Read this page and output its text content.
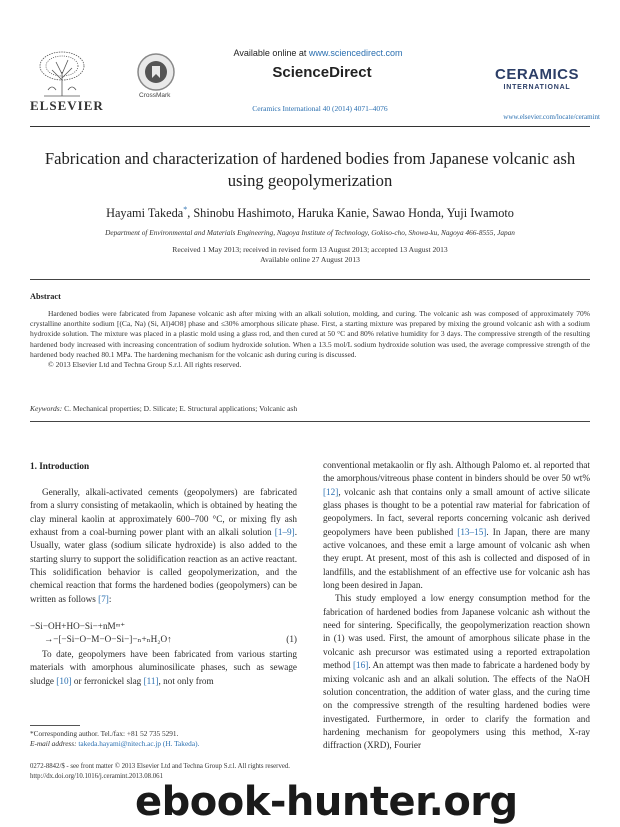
ELSEVIER
CrossMark
Available online at www.sciencedirect.com
ScienceDirect
Ceramics International 40 (2014) 4071–4076
CERAMICS
INTERNATIONAL
www.elsevier.com/locate/ceramint
Fabrication and characterization of hardened bodies from Japanese volcanic ash using geopolymerization
Hayami Takeda*, Shinobu Hashimoto, Haruka Kanie, Sawao Honda, Yuji Iwamoto
Department of Environmental and Materials Engineering, Nagoya Institute of Technology, Gokiso-cho, Showa-ku, Nagoya 466-8555, Japan
Received 1 May 2013; received in revised form 13 August 2013; accepted 13 August 2013
Available online 27 August 2013
Abstract
Hardened bodies were fabricated from Japanese volcanic ash after mixing with an alkali solution, molding, and curing. The volcanic ash was composed of approximately 70% crystalline anorthite sodium [(Ca, Na) (Si, Al)4O8] phase and ≤30% amorphous silicate phase. First, a starting mixture was prepared by mixing the ground volcanic ash with a sodium hydroxide solution. The mixture was placed in a plastic mold using a glass rod, and then cured at 50 °C and 80% relative humidity for 3 days. The compressive strength of the resulting hardened body increased with increasing concentration of sodium hydroxide solution. When a 13.5 mol/L sodium hydroxide solution was used, the average compressive strength of the hardened body reached 80.1 MPa. The hardening mechanism for the volcanic ash during curing is discussed.
© 2013 Elsevier Ltd and Techna Group S.r.l. All rights reserved.
Keywords: C. Mechanical properties; D. Silicate; E. Structural applications; Volcanic ash
1. Introduction

Generally, alkali-activated cements (geopolymers) are fabricated from a slurry consisting of metakaolin, which is obtained by heating the clay mineral kaolin at approximately 600–700 °C, or mixing fly ash exhaust from a coal-burning power plant with an alkali solution [1–9]. Usually, water glass (sodium silicate hydroxide) is also added to the starting slurry to support the solidification reaction as an active reactant. This solidification behavior is called geopolymerization, and the chemical reaction that forms the hardened bodies (geopolymers) can be written as follows [7]:

−Si−OH+HO−Si−+nMᵐ⁺
→−[−Si−O−M−O−Si−]−ₙ+ₙH₂O↑	(1)

To date, geopolymers have been fabricated from various starting materials with amorphous aluminosilicate phases, such as sewage sludge [10] or ferronickel slag [11], not only from

*Corresponding author. Tel./fax: +81 52 735 5291.
E-mail address: takeda.hayami@nitech.ac.jp (H. Takeda).

conventional metakaolin or fly ash. Although Palomo et. al reported that the amorphous/vitreous phase content in binders should be over 50 wt% [12], volcanic ash that contains only a small amount of active silicate glass phases is thought to be a potential raw material for fabrication of geopolymers. In fact, several reports concerning volcanic ash derived geopolymers have been published [13–15]. In Japan, there are many active volcanoes, and these emit a large amount of volcanic ash when they erupt. At present, most of this ash is collected and disposed of in landfills, and the establishment of an effective use for volcanic ash has long been desired in Japan.

This study employed a low energy consumption method for the fabrication of hardened bodies from Japanese volcanic ash without the need for sintering. Specifically, the geopolymerization reaction shown in (1) was used. First, the amount of amorphous silicate phase in the volcanic ash precursor was estimated using a reported extrapolation method [16]. An attempt was then made to fabricate a hardened body by mixing volcanic ash and an alkali solution. The effects of the NaOH solution concentration, the addition of water glass, and the curing time on the compressive strength of the resulting hardened bodies were investigated. Furthermore, in order to clarify the formation and hardening mechanism for geopolymers using this method, X-ray diffraction (XRD), Fourier

0272-8842/$ - see front matter © 2013 Elsevier Ltd and Techna Group S.r.l. All rights reserved.
http://dx.doi.org/10.1016/j.ceramint.2013.08.061
ebook-hunter.org
